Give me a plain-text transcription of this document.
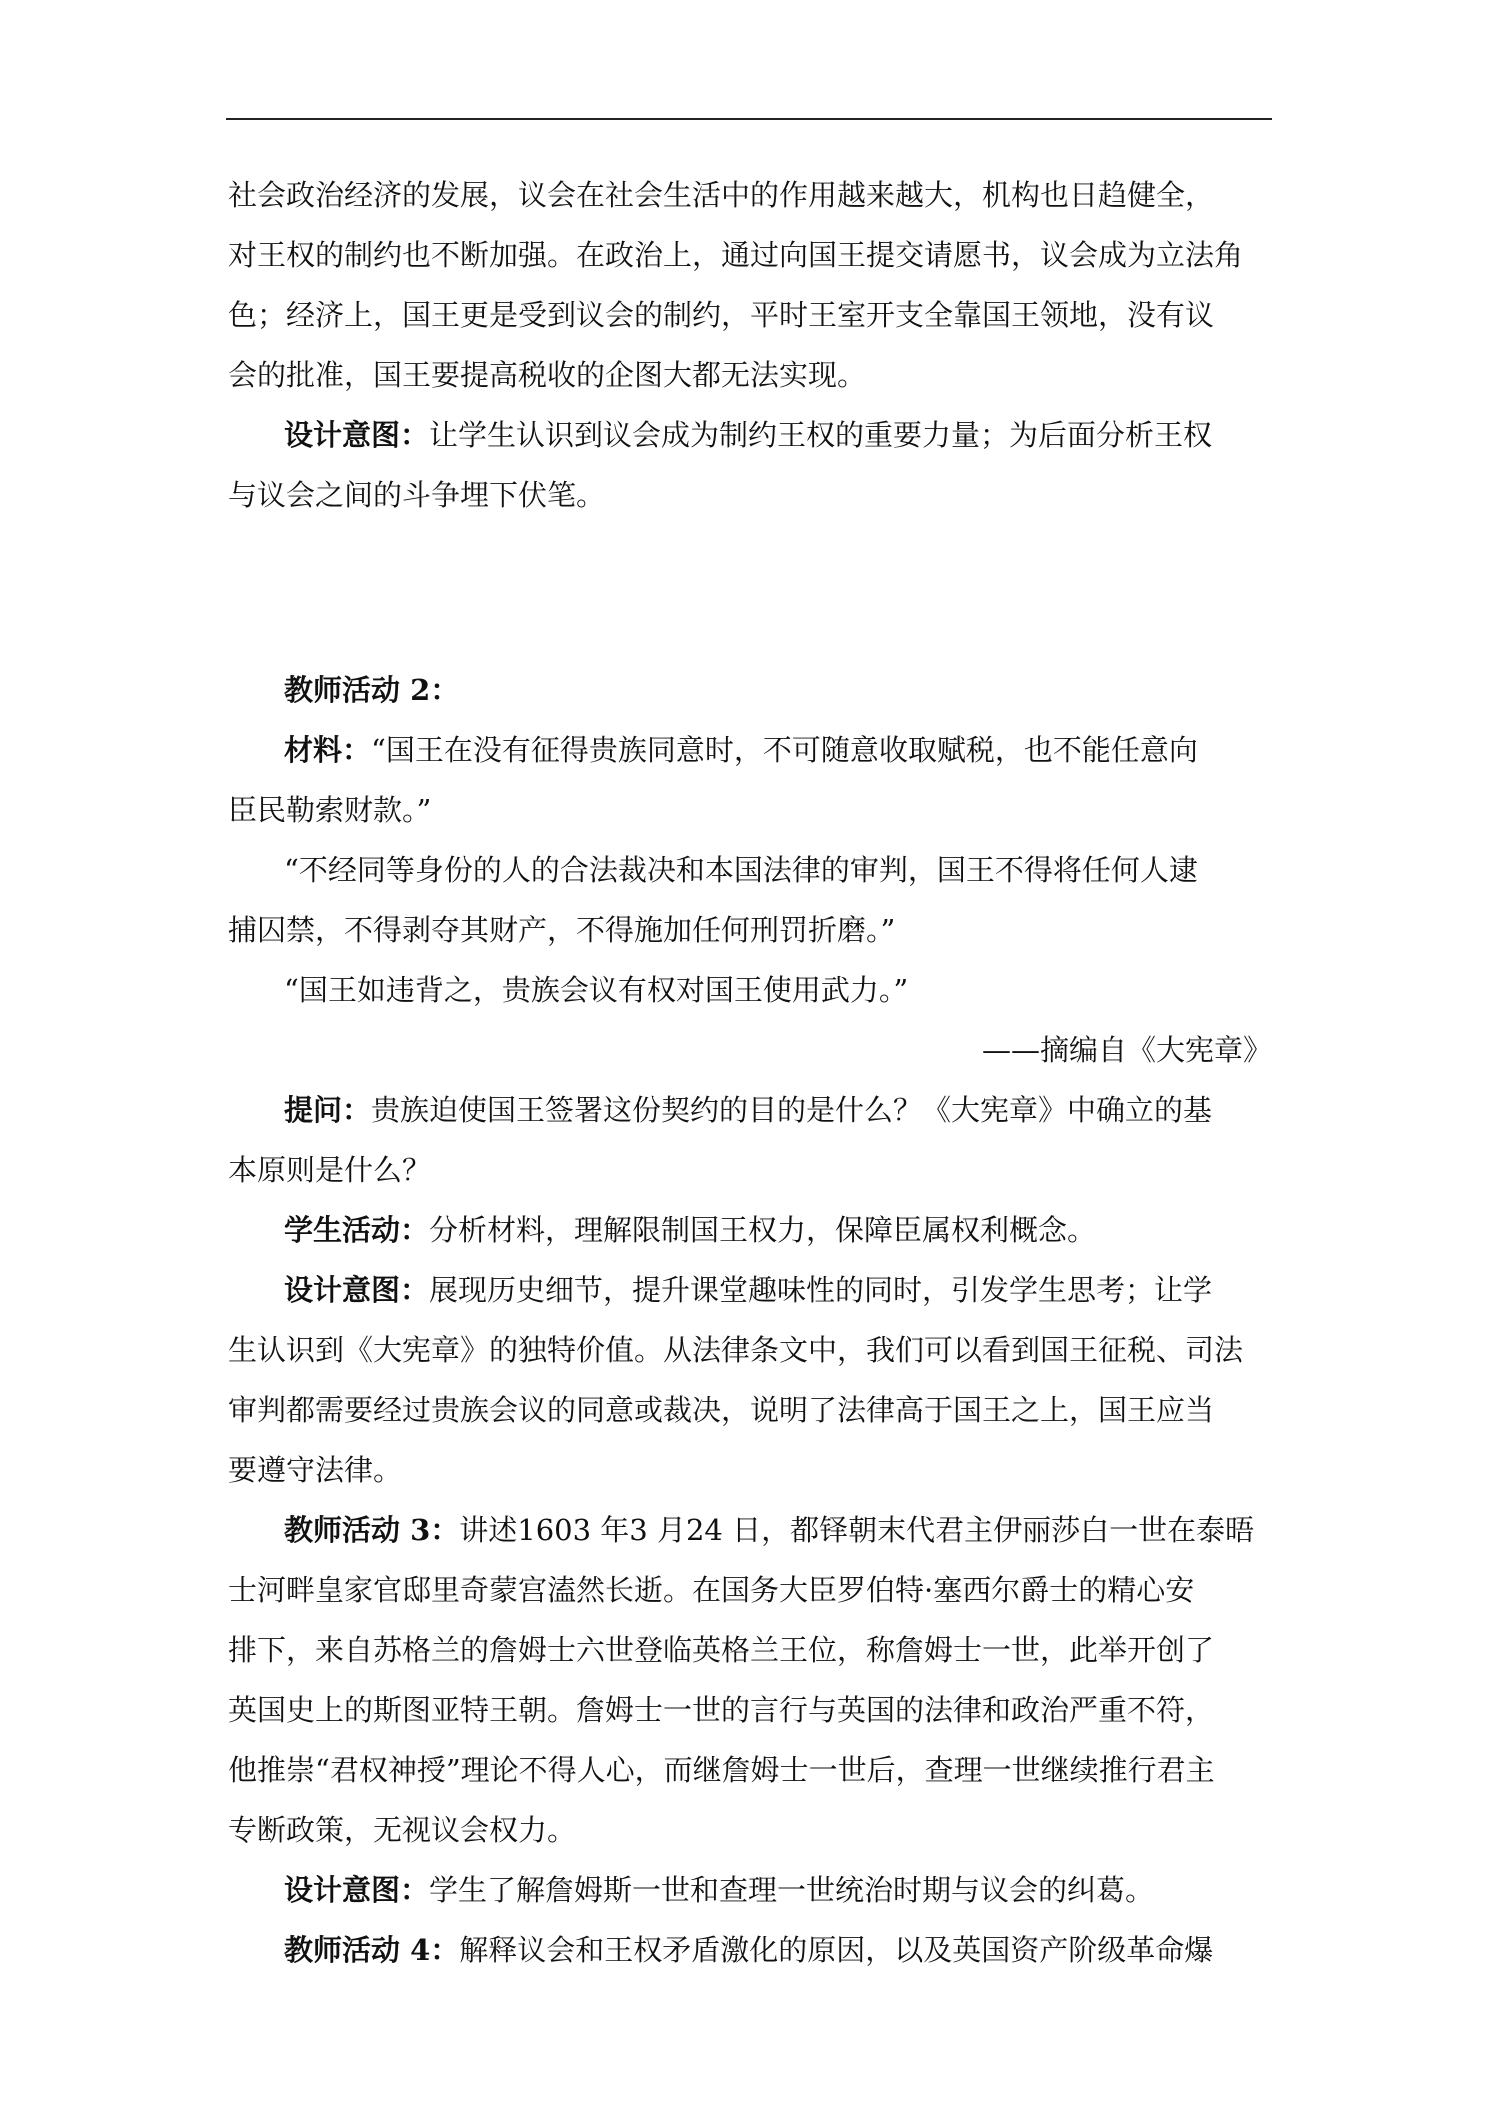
社会政治经济的发展，议会在社会生活中的作用越来越大，机构也日趋健全，
对王权的制约也不断加强。在政治上，通过向国王提交请愿书，议会成为立法角
色；经济上，国王更是受到议会的制约，平时王室开支全靠国王领地，没有议
会的批准，国王要提高税收的企图大都无法实现。
设计意图：让学生认识到议会成为制约王权的重要力量；为后面分析王权
与议会之间的斗争埋下伏笔。
教师活动 2：
材料：“国王在没有征得贵族同意时，不可随意收取赋税，也不能任意向
臣民勒索财款。”
“不经同等身份的人的合法裁决和本国法律的审判，国王不得将任何人逮
捕囚禁，不得剥夺其财产，不得施加任何刑罚折磨。”
“国王如违背之，贵族会议有权对国王使用武力。”
——摘编自《大宪章》
提问：贵族迫使国王签署这份契约的目的是什么？《大宪章》中确立的基
本原则是什么？
学生活动：分析材料，理解限制国王权力，保障臣属权利概念。
设计意图：展现历史细节，提升课堂趣味性的同时，引发学生思考；让学
生认识到《大宪章》的独特价值。从法律条文中，我们可以看到国王征税、司法
审判都需要经过贵族会议的同意或裁决，说明了法律高于国王之上，国王应当
要遵守法律。
教师活动 3：讲述1603 年3 月24 日，都铎朝末代君主伊丽莎白一世在泰晤
士河畔皇家官邸里奇蒙宫溘然长逝。在国务大臣罗伯特·塞西尔爵士的精心安
排下，来自苏格兰的詹姆士六世登临英格兰王位，称詹姆士一世，此举开创了
英国史上的斯图亚特王朝。詹姆士一世的言行与英国的法律和政治严重不符，
他推崇“君权神授”理论不得人心，而继詹姆士一世后，查理一世继续推行君主
专断政策，无视议会权力。
设计意图：学生了解詹姆斯一世和查理一世统治时期与议会的纠葛。
教师活动 4：解释议会和王权矛盾激化的原因，以及英国资产阶级革命爆
